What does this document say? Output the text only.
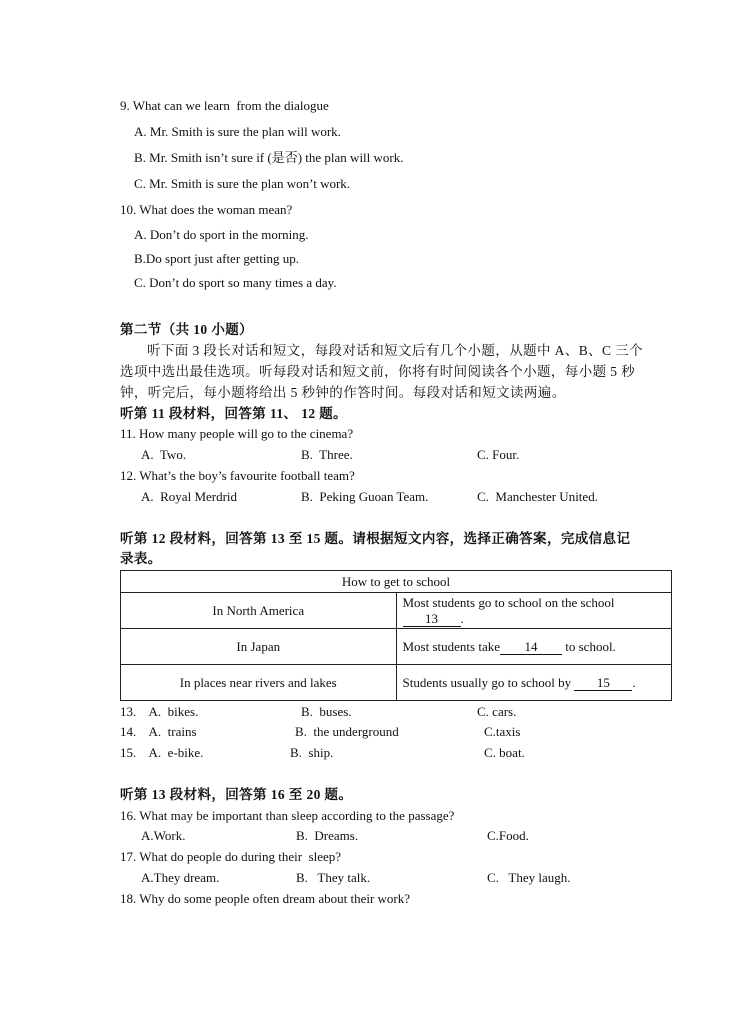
9. What can we learn  from the dialogue
A. Mr. Smith is sure the plan will work.
B. Mr. Smith isn’t sure if (是否) the plan will work.
C. Mr. Smith is sure the plan won’t work.
10. What does the woman mean?
A. Don’t do sport in the morning.
B.Do sport just after getting up.
C. Don’t do sport so many times a day.
第二节（共 10 小题）
听下面 3 段长对话和短文，每段对话和短文后有几个小题，从题中 A、B、C 三个
选项中选出最佳选项。听每段对话和短文前，你将有时间阅读各个小题，每小题 5 秒
钟，听完后，每小题将给出 5 秒钟的作答时间。每段对话和短文读两遍。
听第 11 段材料，回答第 11、 12 题。
11. How many people will go to the cinema?
A.  Two.	B.  Three.	C. Four.
12. What’s the boy’s favourite football team?
A.  Royal Merdrid	B.  Peking Guoan Team.	C.  Manchester United.
听第 12 段材料，回答第 13 至 15 题。请根据短文内容，选择正确答案，完成信息记
录表。
How to get to school	
In North America	Most students go to school on the school13 .
In Japan	Most students take 14 to school.
In places near rivers and lakes	Students usually go to school by 15 .
13.    A.  bikes.	B.  buses.	C. cars.
14.    A.  trains	B.  the underground	C.taxis
15.    A.  e-bike.	B.  ship.	C. boat.
听第 13 段材料，回答第 16 至 20 题。
16. What may be important than sleep according to the passage?
A.Work.	B.  Dreams.	C.Food.
17. What do people do during their  sleep?
A.They dream.	B.   They talk.	C.   They laugh.
18. Why do some people often dream about their work?
